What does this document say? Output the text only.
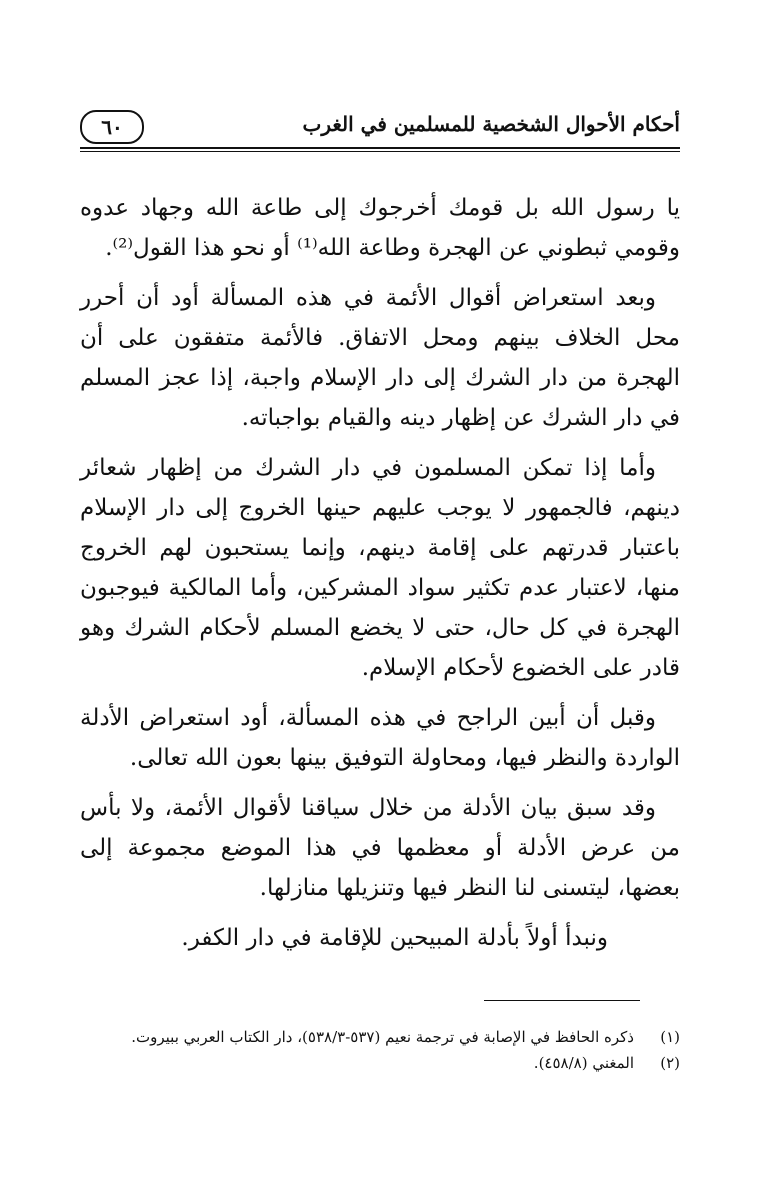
أحكام الأحوال الشخصية للمسلمين في الغرب
٦٠

يا رسول الله بل قومك أخرجوك إلى طاعة الله وجهاد عدوه وقومي ثبطوني عن الهجرة وطاعة الله⁽¹⁾ أو نحو هذا القول⁽²⁾.

وبعد استعراض أقوال الأئمة في هذه المسألة أود أن أحرر محل الخلاف بينهم ومحل الاتفاق. فالأئمة متفقون على أن الهجرة من دار الشرك إلى دار الإسلام واجبة، إذا عجز المسلم في دار الشرك عن إظهار دينه والقيام بواجباته.

وأما إذا تمكن المسلمون في دار الشرك من إظهار شعائر دينهم، فالجمهور لا يوجب عليهم حينها الخروج إلى دار الإسلام باعتبار قدرتهم على إقامة دينهم، وإنما يستحبون لهم الخروج منها، لاعتبار عدم تكثير سواد المشركين، وأما المالكية فيوجبون الهجرة في كل حال، حتى لا يخضع المسلم لأحكام الشرك وهو قادر على الخضوع لأحكام الإسلام.

وقبل أن أبين الراجح في هذه المسألة، أود استعراض الأدلة الواردة والنظر فيها، ومحاولة التوفيق بينها بعون الله تعالى.

وقد سبق بيان الأدلة من خلال سياقنا لأقوال الأئمة، ولا بأس من عرض الأدلة أو معظمها في هذا الموضع مجموعة إلى بعضها، ليتسنى لنا النظر فيها وتنزيلها منازلها.

ونبدأ أولاً بأدلة المبيحين للإقامة في دار الكفر.

(١)
ذكره الحافظ في الإصابة في ترجمة نعيم (٥٣٧-٥٣٨/٣)، دار الكتاب العربي ببيروت.
(٢)
المغني (٤٥٨/٨).
